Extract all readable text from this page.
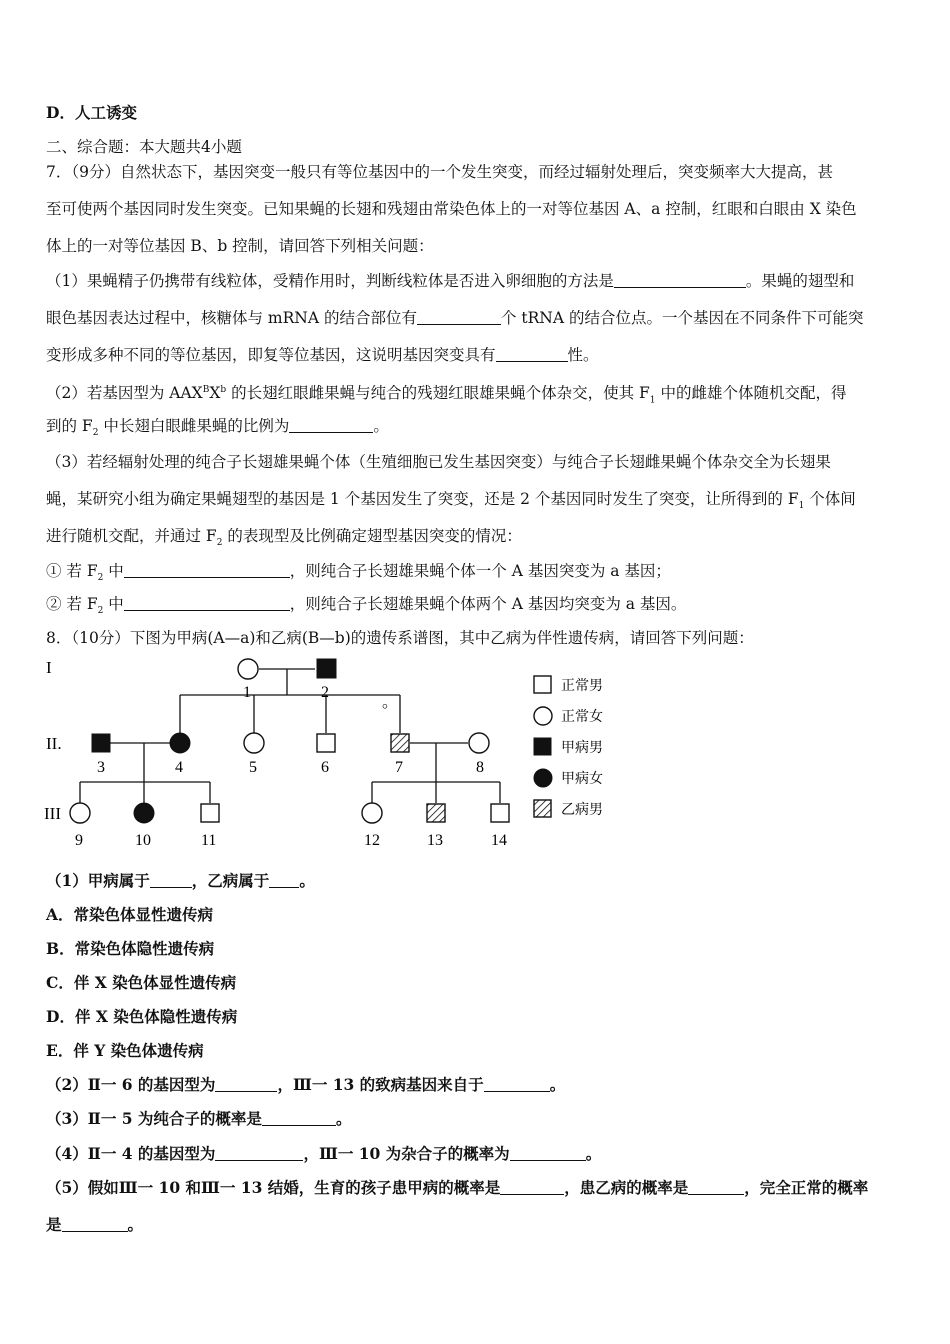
D．人工诱变
二、综合题：本大题共4小题
7．（9分）自然状态下，基因突变一般只有等位基因中的一个发生突变，而经过辐射处理后，突变频率大大提高，甚
至可使两个基因同时发生突变。已知果蝇的长翅和残翅由常染色体上的一对等位基因 A、a 控制，红眼和白眼由 X 染色
体上的一对等位基因 B、b 控制，请回答下列相关问题：
（1）果蝇精子仍携带有线粒体，受精作用时，判断线粒体是否进入卵细胞的方法是	。果蝇的翅型和
眼色基因表达过程中，核糖体与 mRNA 的结合部位有	个 tRNA 的结合位点。一个基因在不同条件下可能突
变形成多种不同的等位基因，即复等位基因，这说明基因突变具有	性。
（2）若基因型为 $AAX^BX^b$ 的长翅红眼雌果蝇与纯合的残翅红眼雄果蝇个体杂交，使其 $F_1$ 中的雌雄个体随机交配，得
到的 $F_2$ 中长翅白眼雌果蝇的比例为	。
（3）若经辐射处理的纯合子长翅雄果蝇个体（生殖细胞已发生基因突变）与纯合子长翅雌果蝇个体杂交全为长翅果
蝇，某研究小组为确定果蝇翅型的基因是 1 个基因发生了突变，还是 2 个基因同时发生了突变，让所得到的 $F_1$ 个体间
进行随机交配，并通过 $F_2$ 的表现型及比例确定翅型基因突变的情况：
① 若 $F_2$ 中	，则纯合子长翅雄果蝇个体一个 A 基因突变为 a 基因；
② 若 $F_2$ 中	，则纯合子长翅雄果蝇个体两个 A 基因均突变为 a 基因。
8．（10分）下图为甲病(A—a)和乙病(B—b)的遗传系谱图，其中乙病为伴性遗传病，请回答下列问题：
I
II.
III
1	2
3	4	5	6	7	8
9	10	11	12	13	14
。
正常男
正常女
甲病男
甲病女
乙病男
（1）甲病属于	，乙病属于 。
A．常染色体显性遗传病
B．常染色体隐性遗传病
C．伴 X 染色体显性遗传病
D．伴 X 染色体隐性遗传病
E．伴 Y 染色体遗传病
（2）Ⅱ一 6 的基因型为	，Ⅲ一 13 的致病基因来自于	。
（3）Ⅱ一 5 为纯合子的概率是	。
（4）Ⅱ一 4 的基因型为	，Ⅲ一 10 为杂合子的概率为	。
（5）假如Ⅲ一 10 和Ⅲ一 13 结婚，生育的孩子患甲病的概率是	，患乙病的概率是	，完全正常的概率
是	。
